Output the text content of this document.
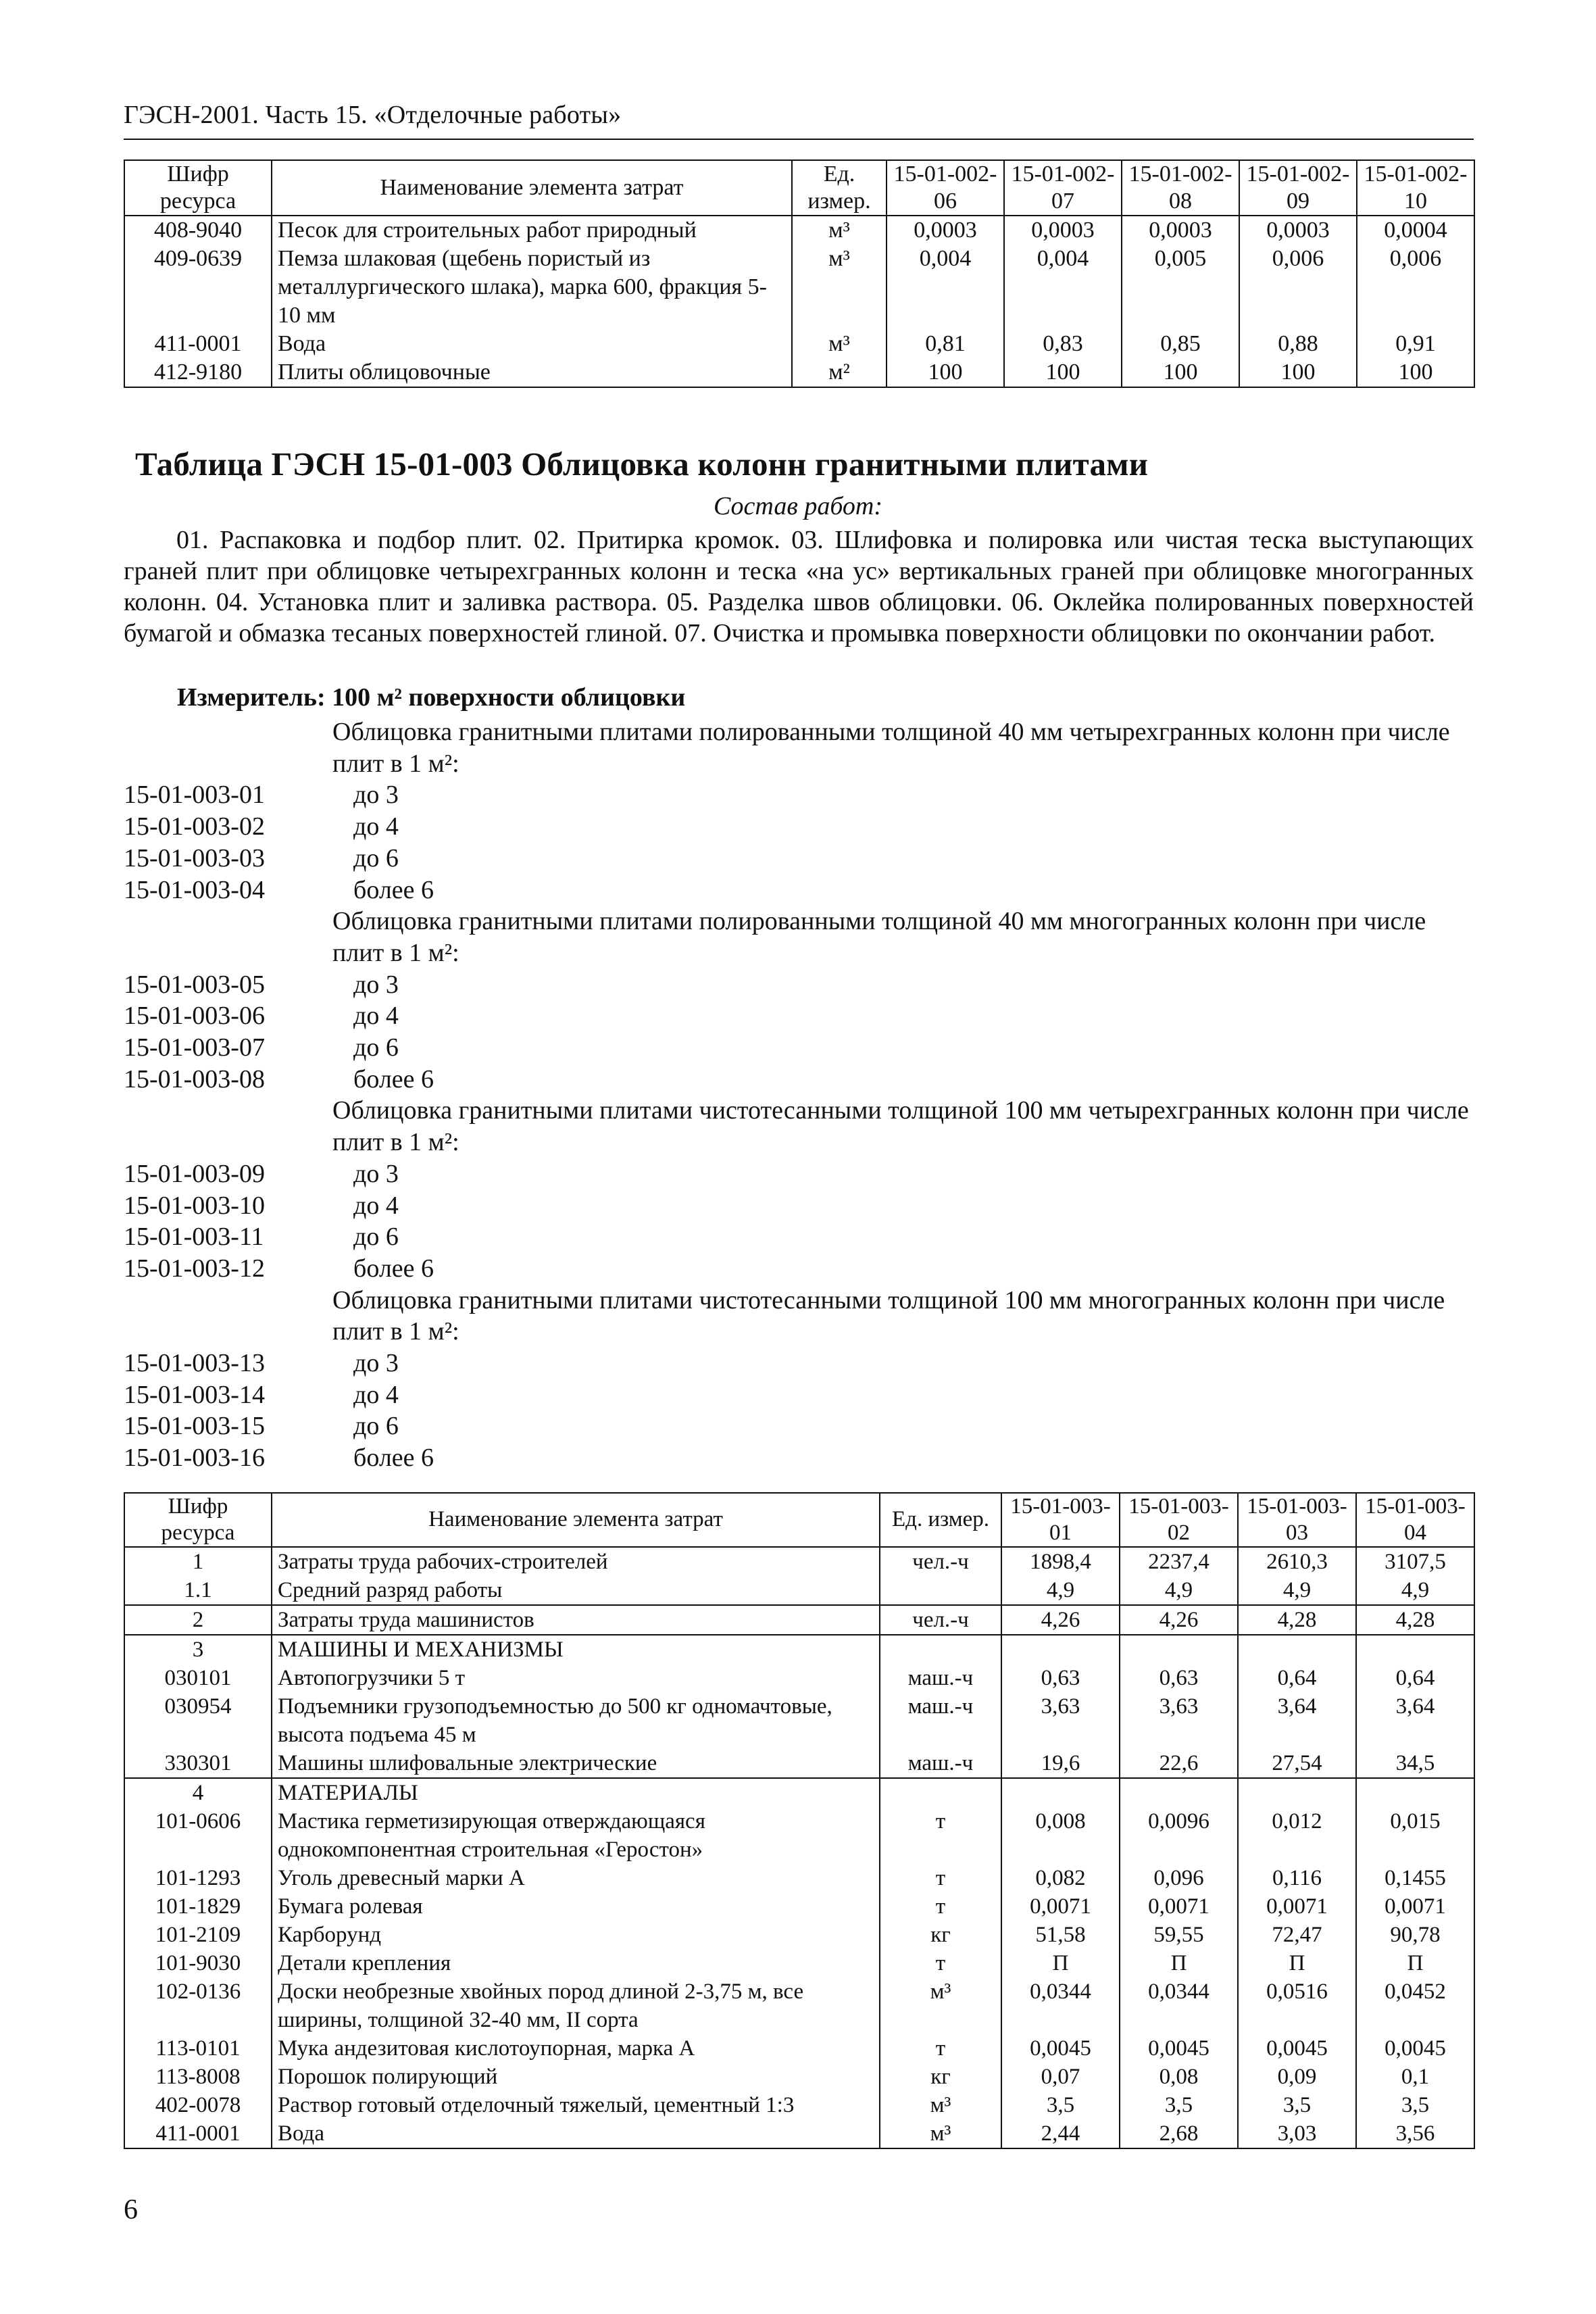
ГЭСН-2001. Часть 15. «Отделочные работы»
Шифр ресурса	Наименование элемента затрат	Ед. измер.	15-01-002-06	15-01-002-07	15-01-002-08	15-01-002-09	15-01-002-10
408-9040	Песок для строительных работ природный	м³	0,0003	0,0003	0,0003	0,0003	0,0004
409-0639	Пемза шлаковая (щебень пористый из металлургического шлака), марка 600, фракция 5-10 мм	м³	0,004	0,004	0,005	0,006	0,006
411-0001	Вода	м³	0,81	0,83	0,85	0,88	0,91
412-9180	Плиты облицовочные	м²	100	100	100	100	100
Таблица ГЭСН 15-01-003 Облицовка колонн гранитными плитами
Состав работ:
01. Распаковка и подбор плит. 02. Притирка кромок. 03. Шлифовка и полировка или чистая теска выступающих граней плит при облицовке четырехгранных колонн и теска «на ус» вертикальных граней при облицовке многогранных колонн. 04. Установка плит и заливка раствора. 05. Разделка швов облицовки. 06. Оклейка полированных поверхностей бумагой и обмазка тесаных поверхностей глиной. 07. Очистка и промывка поверхности облицовки по окончании работ.
Измеритель: 100 м² поверхности облицовки
Облицовка гранитными плитами полированными толщиной 40 мм четырехгранных колонн при числе плит в 1 м²:
15-01-003-01	до 3
15-01-003-02	до 4
15-01-003-03	до 6
15-01-003-04	более 6
Облицовка гранитными плитами полированными толщиной 40 мм многогранных колонн при числе плит в 1 м²:
15-01-003-05	до 3
15-01-003-06	до 4
15-01-003-07	до 6
15-01-003-08	более 6
Облицовка гранитными плитами чистотесанными толщиной 100 мм четырехгранных колонн при числе плит в 1 м²:
15-01-003-09	до 3
15-01-003-10	до 4
15-01-003-11	до 6
15-01-003-12	более 6
Облицовка гранитными плитами чистотесанными толщиной 100 мм многогранных колонн при числе плит в 1 м²:
15-01-003-13	до 3
15-01-003-14	до 4
15-01-003-15	до 6
15-01-003-16	более 6
Шифр ресурса	Наименование элемента затрат	Ед. измер.	15-01-003-01	15-01-003-02	15-01-003-03	15-01-003-04
1	Затраты труда рабочих-строителей	чел.-ч	1898,4	2237,4	2610,3	3107,5
1.1	Средний разряд работы		4,9	4,9	4,9	4,9
2	Затраты труда машинистов	чел.-ч	4,26	4,26	4,28	4,28
3	МАШИНЫ И МЕХАНИЗМЫ					
030101	Автопогрузчики 5 т	маш.-ч	0,63	0,63	0,64	0,64
030954	Подъемники грузоподъемностью до 500 кг одномачтовые, высота подъема 45 м	маш.-ч	3,63	3,63	3,64	3,64
330301	Машины шлифовальные электрические	маш.-ч	19,6	22,6	27,54	34,5
4	МАТЕРИАЛЫ					
101-0606	Мастика герметизирующая отверждающаяся однокомпонентная строительная «Геростон»	т	0,008	0,0096	0,012	0,015
101-1293	Уголь древесный марки А	т	0,082	0,096	0,116	0,1455
101-1829	Бумага ролевая	т	0,0071	0,0071	0,0071	0,0071
101-2109	Карборунд	кг	51,58	59,55	72,47	90,78
101-9030	Детали крепления	т	П	П	П	П
102-0136	Доски необрезные хвойных пород длиной 2-3,75 м, все ширины, толщиной 32-40 мм, II сорта	м³	0,0344	0,0344	0,0516	0,0452
113-0101	Мука андезитовая кислотоупорная, марка А	т	0,0045	0,0045	0,0045	0,0045
113-8008	Порошок полирующий	кг	0,07	0,08	0,09	0,1
402-0078	Раствор готовый отделочный тяжелый, цементный 1:3	м³	3,5	3,5	3,5	3,5
411-0001	Вода	м³	2,44	2,68	3,03	3,56
6
